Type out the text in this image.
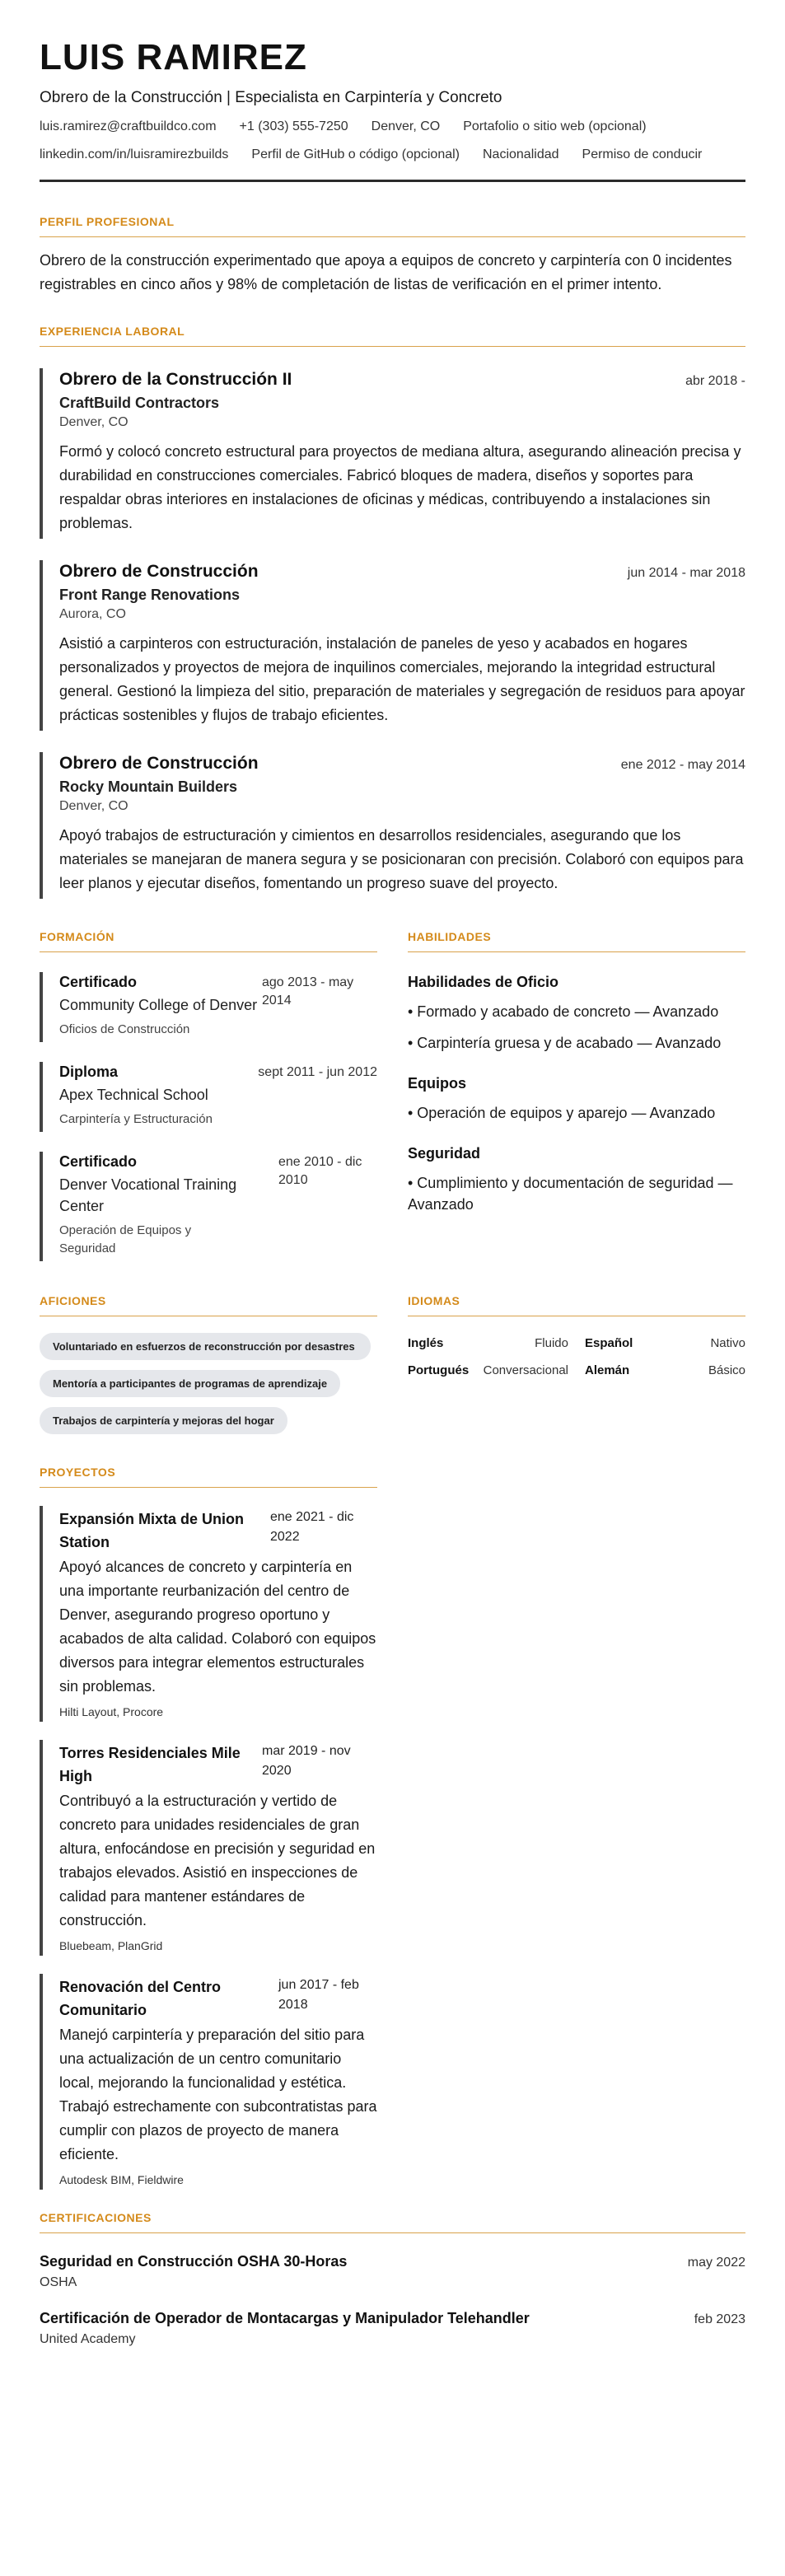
LUIS RAMIREZ
Obrero de la Construcción | Especialista en Carpintería y Concreto
luis.ramirez@craftbuildco.com +1 (303) 555-7250 Denver, CO Portafolio o sitio web (opcional)
linkedin.com/in/luisramirezbuilds Perfil de GitHub o código (opcional) Nacionalidad Permiso de conducir
PERFIL PROFESIONAL
Obrero de la construcción experimentado que apoya a equipos de concreto y carpintería con 0 incidentes registrables en cinco años y 98% de completación de listas de verificación en el primer intento.
EXPERIENCIA LABORAL
Obrero de la Construcción II	abr 2018 -
CraftBuild Contractors
Denver, CO
Formó y colocó concreto estructural para proyectos de mediana altura, asegurando alineación precisa y durabilidad en construcciones comerciales. Fabricó bloques de madera, diseños y soportes para respaldar obras interiores en instalaciones de oficinas y médicas, contribuyendo a instalaciones sin problemas.
Obrero de Construcción	jun 2014 - mar 2018
Front Range Renovations
Aurora, CO
Asistió a carpinteros con estructuración, instalación de paneles de yeso y acabados en hogares personalizados y proyectos de mejora de inquilinos comerciales, mejorando la integridad estructural general. Gestionó la limpieza del sitio, preparación de materiales y segregación de residuos para apoyar prácticas sostenibles y flujos de trabajo eficientes.
Obrero de Construcción	ene 2012 - may 2014
Rocky Mountain Builders
Denver, CO
Apoyó trabajos de estructuración y cimientos en desarrollos residenciales, asegurando que los materiales se manejaran de manera segura y se posicionaran con precisión. Colaboró con equipos para leer planos y ejecutar diseños, fomentando un progreso suave del proyecto.
FORMACIÓN
Certificado
Community College of Denver
ago 2013 - may 2014
Oficios de Construcción
Diploma
Apex Technical School
sept 2011 - jun 2012
Carpintería y Estructuración
Certificado
Denver Vocational Training Center
ene 2010 - dic 2010
Operación de Equipos y Seguridad
HABILIDADES
Habilidades de Oficio
• Formado y acabado de concreto — Avanzado
• Carpintería gruesa y de acabado — Avanzado
Equipos
• Operación de equipos y aparejo — Avanzado
Seguridad
• Cumplimiento y documentación de seguridad — Avanzado
AFICIONES
Voluntariado en esfuerzos de reconstrucción por desastres Mentoría a participantes de programas de aprendizaje Trabajos de carpintería y mejoras del hogar
IDIOMAS
Inglés	Fluido Español	Nativo
Portugués Conversacional Alemán	Básico
PROYECTOS
Expansión Mixta de Union Station
ene 2021 - dic 2022
Apoyó alcances de concreto y carpintería en una importante reurbanización del centro de Denver, asegurando progreso oportuno y acabados de alta calidad. Colaboró con equipos diversos para integrar elementos estructurales sin problemas.
Hilti Layout, Procore
Torres Residenciales Mile High
mar 2019 - nov 2020
Contribuyó a la estructuración y vertido de concreto para unidades residenciales de gran altura, enfocándose en precisión y seguridad en trabajos elevados. Asistió en inspecciones de calidad para mantener estándares de construcción.
Bluebeam, PlanGrid
Renovación del Centro Comunitario
jun 2017 - feb 2018
Manejó carpintería y preparación del sitio para una actualización de un centro comunitario local, mejorando la funcionalidad y estética. Trabajó estrechamente con subcontratistas para cumplir con plazos de proyecto de manera eficiente.
Autodesk BIM, Fieldwire
CERTIFICACIONES
Seguridad en Construcción OSHA 30-Horas	may 2022
OSHA
Certificación de Operador de Montacargas y Manipulador Telehandler	feb 2023
United Academy
